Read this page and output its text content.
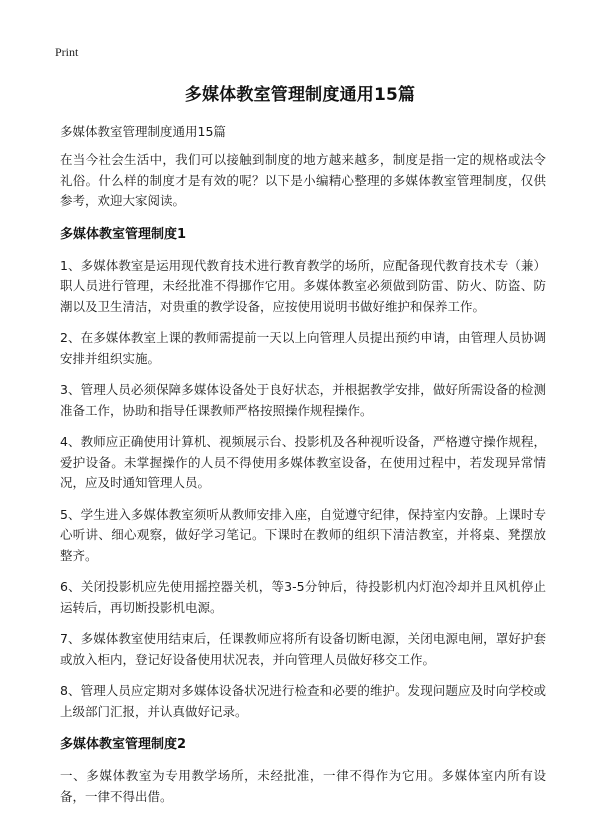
Print
多媒体教室管理制度通用15篇
多媒体教室管理制度通用15篇
在当今社会生活中，我们可以接触到制度的地方越来越多，制度是指一定的规格或法令礼俗。什么样的制度才是有效的呢？以下是小编精心整理的多媒体教室管理制度，仅供参考，欢迎大家阅读。
多媒体教室管理制度1
1、多媒体教室是运用现代教育技术进行教育教学的场所，应配备现代教育技术专（兼）职人员进行管理，未经批准不得挪作它用。多媒体教室必须做到防雷、防火、防盗、防潮以及卫生清洁，对贵重的教学设备，应按使用说明书做好维护和保养工作。
2、在多媒体教室上课的教师需提前一天以上向管理人员提出预约申请，由管理人员协调安排并组织实施。
3、管理人员必须保障多媒体设备处于良好状态，并根据教学安排，做好所需设备的检测准备工作，协助和指导任课教师严格按照操作规程操作。
4、教师应正确使用计算机、视频展示台、投影机及各种视听设备，严格遵守操作规程，爱护设备。未掌握操作的人员不得使用多媒体教室设备，在使用过程中，若发现异常情况，应及时通知管理人员。
5、学生进入多媒体教室须听从教师安排入座，自觉遵守纪律，保持室内安静。上课时专心听讲、细心观察，做好学习笔记。下课时在教师的组织下清洁教室，并将桌、凳摆放整齐。
6、关闭投影机应先使用摇控器关机，等3-5分钟后，待投影机内灯泡冷却并且风机停止运转后，再切断投影机电源。
7、多媒体教室使用结束后，任课教师应将所有设备切断电源，关闭电源电闸，罩好护套或放入柜内，登记好设备使用状况表，并向管理人员做好移交工作。
8、管理人员应定期对多媒体设备状况进行检查和必要的维护。发现问题应及时向学校或上级部门汇报，并认真做好记录。
多媒体教室管理制度2
一、多媒体教室为专用教学场所，未经批准，一律不得作为它用。多媒体室内所有设备，一律不得出借。
